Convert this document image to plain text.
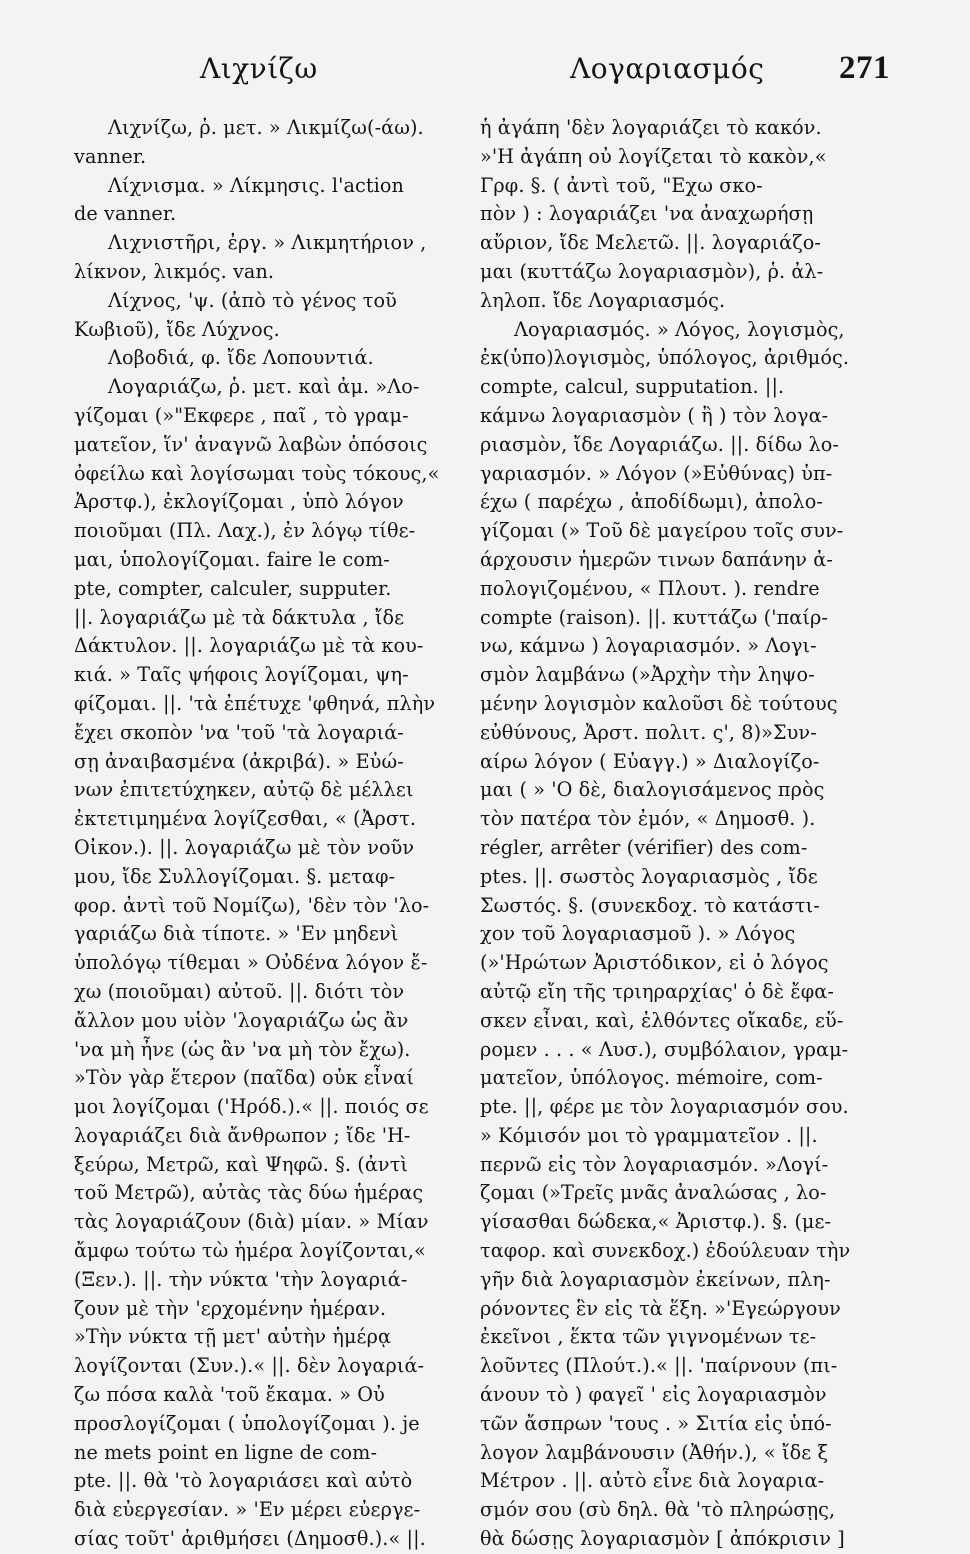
Λιχνίζω	Λογαριασμός 271
Λιχνίζω, ῥ. μετ. » Λικμίζω(-άω).
vanner.
Λίχνισμα. » Λίκμησις. l'action
de vanner.
Λιχνιστῆρι, ἐργ. » Λικμητήριον ,
λίκνον, λικμός. van.
Λίχνος, 'ψ. (ἀπὸ τὸ γένος τοῦ
Κωβιοῦ), ἴδε Λύχνος.
Λοβοδιά, φ. ἴδε Λοπουντιά.
Λογαριάζω, ῥ. μετ. καὶ ἀμ. »Λο-
γίζομαι (»"Εκφερε , παῖ , τὸ γραμ-
ματεῖον, ἵν' ἀναγνῶ λαβὼν ὁπόσοις
ὀφείλω καὶ λογίσωμαι τοὺς τόκους,«
Ἀρστφ.), ἐκλογίζομαι , ὑπὸ λόγον
ποιοῦμαι (Πλ. Λαχ.), ἐν λόγῳ τίθε-
μαι, ὑπολογίζομαι. faire le com-
pte, compter, calculer, supputer.
||. λογαριάζω μὲ τὰ δάκτυλα , ἴδε
Δάκτυλον. ||. λογαριάζω μὲ τὰ κου-
κιά. » Ταῖς ψήφοις λογίζομαι, ψη-
φίζομαι. ||. 'τὰ ἐπέτυχε 'φθηνά, πλὴν
ἔχει σκοπὸν 'να 'τοῦ 'τὰ λογαριά-
σῃ ἀναιβασμένα (ἀκριβά). » Εὐώ-
νων ἐπιτετύχηκεν, αὐτῷ δὲ μέλλει
ἐκτετιμημένα λογίζεσθαι, « (Ἀρστ.
Οἰκον.). ||. λογαριάζω μὲ τὸν νοῦν
μου, ἴδε Συλλογίζομαι. §. μεταφ-
φορ. ἀντὶ τοῦ Νομίζω), 'δὲν τὸν 'λο-
γαριάζω διὰ τίποτε. » 'Εν μηδενὶ
ὑπολόγῳ τίθεμαι » Οὐδένα λόγον ἔ-
χω (ποιοῦμαι) αὐτοῦ. ||. διότι τὸν
ἄλλον μου υἱὸν 'λογαριάζω ὡς ἂν
'να μὴ ἦνε (ὡς ἂν 'να μὴ τὸν ἔχω).
»Τὸν γὰρ ἕτερον (παῖδα) οὐκ εἶναί
μοι λογίζομαι ('Ηρόδ.).« ||. ποιός σε
λογαριάζει διὰ ἄνθρωπον ; ἴδε 'Η-
ξεύρω, Μετρῶ, καὶ Ψηφῶ. §. (ἀντὶ
τοῦ Μετρῶ), αὐτὰς τὰς δύω ἡμέρας
τὰς λογαριάζουν (διὰ) μίαν. » Μίαν
ἄμφω τούτω τὼ ἡμέρα λογίζονται,«
(Ξεν.). ||. τὴν νύκτα 'τὴν λογαριά-
ζουν μὲ τὴν 'ερχομένην ἡμέραν.
»Τὴν νύκτα τῇ μετ' αὐτὴν ἡμέρᾳ
λογίζονται (Συν.).« ||. δὲν λογαριά-
ζω πόσα καλὰ 'τοῦ ἔκαμα. » Οὐ
προσλογίζομαι ( ὑπολογίζομαι ). je
ne mets point en ligne de com-
pte. ||. θὰ 'τὸ λογαριάσει καὶ αὐτὸ
διὰ εὐεργεσίαν. » 'Εν μέρει εὐεργε-
σίας τοῦτ' ἀριθμήσει (Δημοσθ.).« ||.
ἡ ἀγάπη 'δὲν λογαριάζει τὸ κακόν.
»'Η ἀγάπη οὐ λογίζεται τὸ κακὸν,«
Γρφ. §. ( ἀντὶ τοῦ, "Εχω σκο-
πὸν ) : λογαριάζει 'να ἀναχωρήσῃ
αὔριον, ἴδε Μελετῶ. ||. λογαριάζο-
μαι (κυττάζω λογαριασμὸν), ῥ. ἀλ-
ληλοπ. ἴδε Λογαριασμός.
Λογαριασμός. » Λόγος, λογισμὸς,
ἐκ(ὑπο)λογισμὸς, ὑπόλογος, ἀριθμός.
compte, calcul, supputation. ||.
κάμνω λογαριασμὸν ( ἢ ) τὸν λογα-
ριασμὸν, ἴδε Λογαριάζω. ||. δίδω λο-
γαριασμόν. » Λόγον (»Εὐθύνας) ὑπ-
έχω ( παρέχω , ἀποδίδωμι), ἀπολο-
γίζομαι (» Τοῦ δὲ μαγείρου τοῖς συν-
άρχουσιν ἡμερῶν τινων δαπάνην ἀ-
πολογιζομένου, « Πλουτ. ). rendre
compte (raison). ||. κυττάζω ('παίρ-
νω, κάμνω ) λογαριασμόν. » Λογι-
σμὸν λαμβάνω (»Ἀρχὴν τὴν ληψο-
μένην λογισμὸν καλοῦσι δὲ τούτους
εὐθύνους, Ἀρστ. πολιτ. ς', 8)»Συν-
αίρω λόγον ( Εὐαγγ.) » Διαλογίζο-
μαι ( » 'Ο δὲ, διαλογισάμενος πρὸς
τὸν πατέρα τὸν ἐμόν, « Δημοσθ. ).
régler, arrêter (vérifier) des com-
ptes. ||. σωστὸς λογαριασμὸς , ἴδε
Σωστός. §. (συνεκδοχ. τὸ κατάστι-
χον τοῦ λογαριασμοῦ ). » Λόγος
(»'Ηρώτων Ἀριστόδικον, εἰ ὁ λόγος
αὐτῷ εἴη τῆς τριηραρχίας' ὁ δὲ ἔφα-
σκεν εἶναι, καὶ, ἐλθόντες οἴκαδε, εὕ-
ρομεν . . . « Λυσ.), συμβόλαιον, γραμ-
ματεῖον, ὑπόλογος. mémoire, com-
pte. ||, φέρε με τὸν λογαριασμόν σου.
» Κόμισόν μοι τὸ γραμματεῖον . ||.
περνῶ εἰς τὸν λογαριασμόν. »Λογί-
ζομαι (»Τρεῖς μνᾶς ἀναλώσας , λο-
γίσασθαι δώδεκα,« Ἀριστφ.). §. (με-
ταφορ. καὶ συνεκδοχ.) ἐδούλευαν τὴν
γῆν διὰ λογαριασμὸν ἐκείνων, πλη-
ρόνοντες ἓν εἰς τὰ ἕξη. »'Εγεώργουν
ἐκεῖνοι , ἕκτα τῶν γιγνομένων τε-
λοῦντες (Πλούτ.).« ||. 'παίρνουν (πι-
άνουν τὸ ) φαγεῖ ' εἰς λογαριασμὸν
τῶν ἄσπρων 'τους . » Σιτία εἰς ὑπό-
λογον λαμβάνουσιν (Ἀθήν.), « ἴδε ξ
Μέτρον . ||. αὐτὸ εἶνε διὰ λογαρια-
σμόν σου (σὺ δηλ. θὰ 'τὸ πληρώσῃς,
θὰ δώσῃς λογαριασμὸν [ ἀπόκρισιν ]
